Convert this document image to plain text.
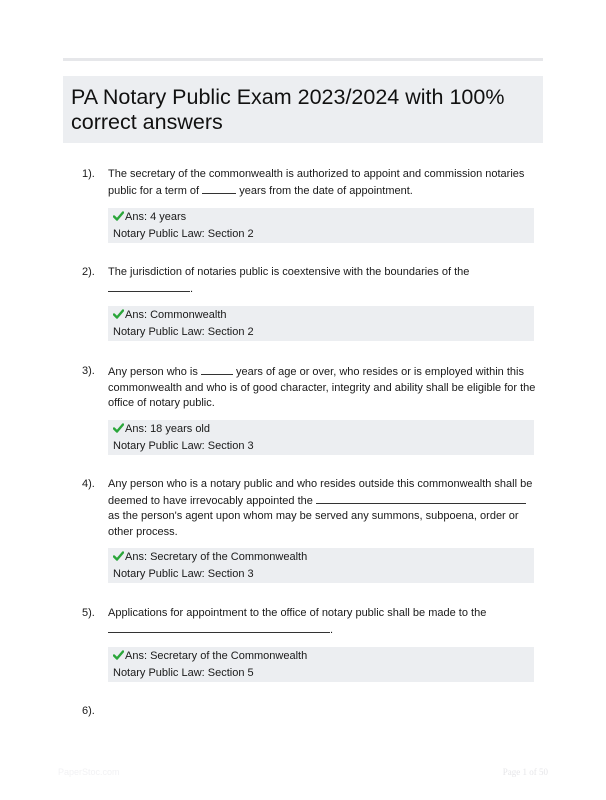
PA Notary Public Exam 2023/2024 with 100% correct answers
1). The secretary of the commonwealth is authorized to appoint and commission notaries public for a term of	years from the date of appointment.
Ans: 4 years
Notary Public Law: Section 2
2). The jurisdiction of notaries public is coextensive with the boundaries of the .
Ans: Commonwealth
Notary Public Law: Section 2
3). Any person who is	years of age or over, who resides or is employed within this commonwealth and who is of good character, integrity and ability shall be eligible for the office of notary public.
Ans: 18 years old
Notary Public Law: Section 3
4). Any person who is a notary public and who resides outside this commonwealth shall be deemed to have irrevocably appointed the  as the person's agent upon whom may be served any summons, subpoena, order or other process.
Ans: Secretary of the Commonwealth
Notary Public Law: Section 3
5). Applications for appointment to the office of notary public shall be made to the .
Ans: Secretary of the Commonwealth
Notary Public Law: Section 5
6).
PaperStoc.com	Page 1 of 50
